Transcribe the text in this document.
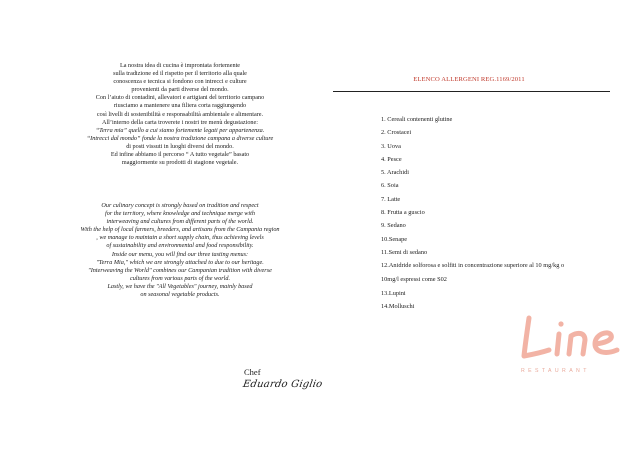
La nostra idea di cucina è improntata fortemente
sulla tradizione ed il rispetto per il territorio alla quale
conoscenza e tecnica si fondono con intrecci e culture
provenienti da parti diverse del mondo.
Con l’aiuto di contadini, allevatori e artigiani del territorio campano
riusciamo a mantenere una filiera corta raggiungendo
così livelli di sostenibilità e responsabilità ambientale e alimentare.
All’interno della carta troverete i nostri tre menù degustazione:
“Terra mia” quello a cui siamo fortemente legati per appartenenza.
“Intrecci dal mondo” fonde la nostra tradizione campana a diverse culture
di posti vissuti in luoghi diversi del mondo.
Ed infine abbiamo il percorso “ A tutto vegetale” basato
maggiormente su prodotti di stagione vegetale.
Our culinary concept is strongly based on tradition and respect
for the territory, where knowledge and technique merge with
interweaving and cultures from different parts of the world.
With the help of local farmers, breeders, and artisans from the Campania region
, we manage to maintain a short supply chain, thus achieving levels
of sustainability and environmental and food responsibility.
Inside our menu, you will find our three tasting menus:
"Terra Mia," which we are strongly attached to due to our heritage.
"Interweaving the World" combines our Campanian tradition with diverse
cultures from various parts of the world.
Lastly, we have the "All Vegetables" journey, mainly based
on seasonal vegetable products.
Chef
Eduardo Giglio
ELENCO ALLERGENI REG.1169/2011
1. Cereali contenenti glutine
2. Crostacei
3. Uova
4. Pesce
5. Arachidi
6. Soia
7. Latte
8. Frutta a guscio
9. Sedano
10.Senape
11.Semi di sedano
12.Anidride solforosa e solfiti in concentrazione superiore al 10 mg/kg o
10mg/l espressi come S02
13.Lupini
14.Molluschi
RESTAURANT
